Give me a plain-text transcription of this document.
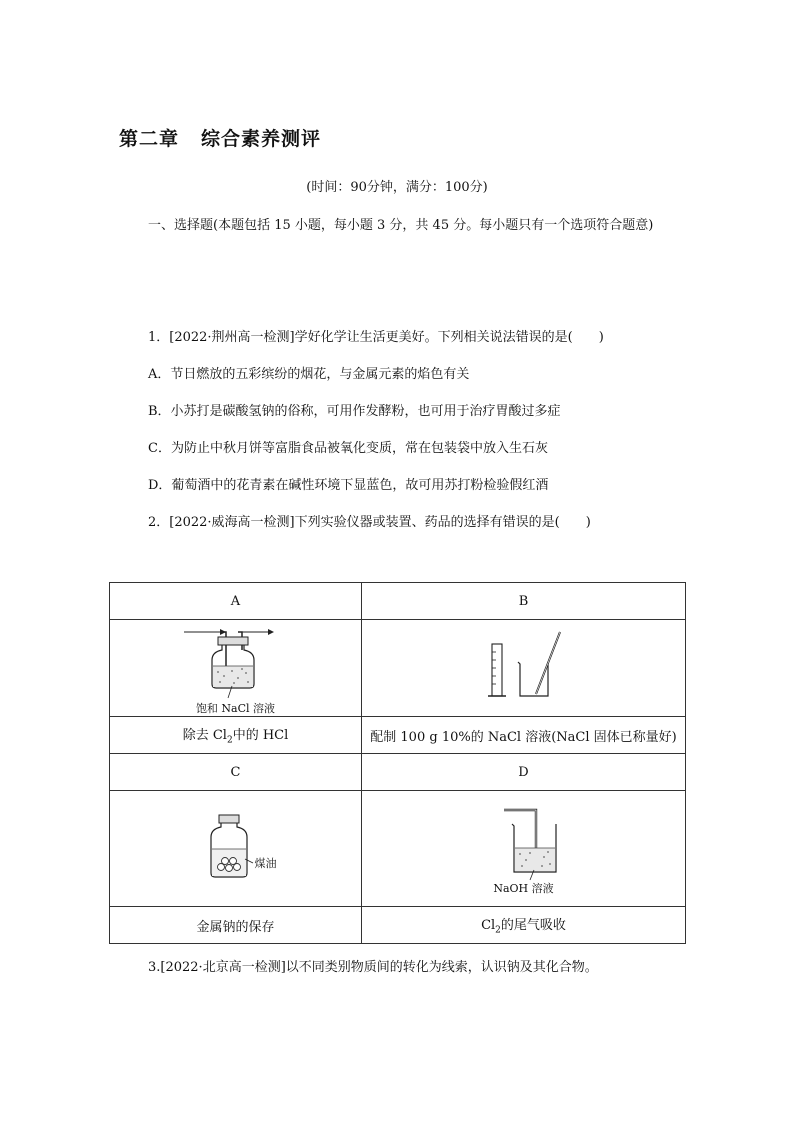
第二章 综合素养测评
(时间：90分钟，满分：100分)
一、选择题(本题包括 15 小题，每小题 3 分，共 45 分。每小题只有一个选项符合题意)
1．[2022·荆州高一检测]学好化学让生活更美好。下列相关说法错误的是(　　)
A．节日燃放的五彩缤纷的烟花，与金属元素的焰色有关
B．小苏打是碳酸氢钠的俗称，可用作发酵粉，也可用于治疗胃酸过多症
C．为防止中秋月饼等富脂食品被氧化变质，常在包装袋中放入生石灰
D．葡萄酒中的花青素在碱性环境下显蓝色，故可用苏打粉检验假红酒
2．[2022·威海高一检测]下列实验仪器或装置、药品的选择有错误的是(　　)
A	B

饱和 NaCl 溶液

除去 $Cl_2$中的 HCl	配制 100 g 10%的 NaCl 溶液(NaCl 固体已称量好)
C	D

煤油	NaOH 溶液

金属钠的保存	$Cl_2$的尾气吸收
3.[2022·北京高一检测]以不同类别物质间的转化为线索，认识钠及其化合物。
